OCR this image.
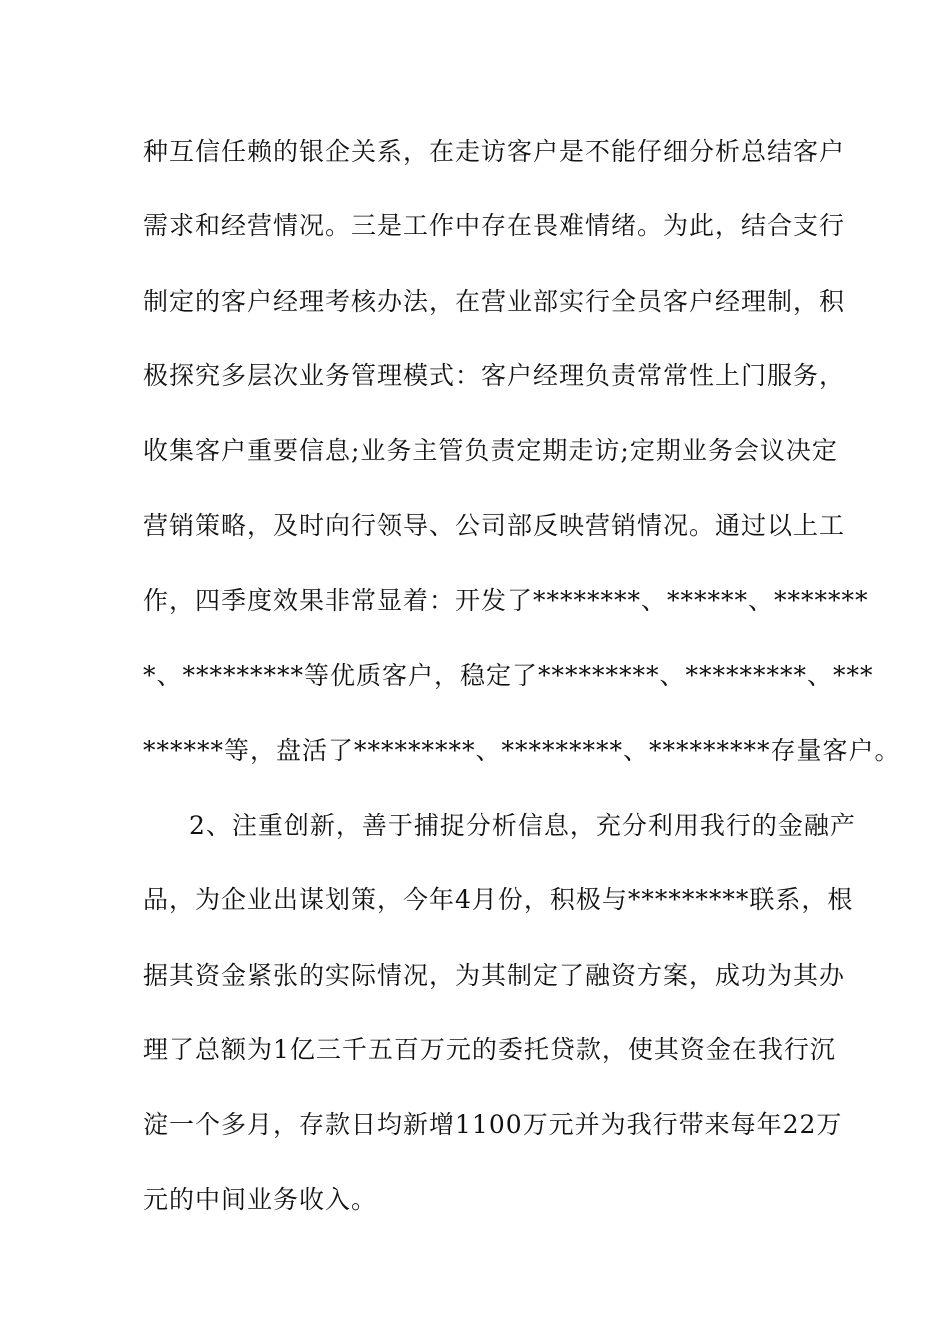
种互信任赖的银企关系，在走访客户是不能仔细分析总结客户
需求和经营情况。三是工作中存在畏难情绪。为此，结合支行
制定的客户经理考核办法，在营业部实行全员客户经理制，积
极探究多层次业务管理模式：客户经理负责常常性上门服务，
收集客户重要信息;业务主管负责定期走访;定期业务会议决定
营销策略，及时向行领导、公司部反映营销情况。通过以上工
作，四季度效果非常显着：开发了********、******、*******
*、*********等优质客户，稳定了*********、*********、***
******等，盘活了*********、*********、*********存量客户。
2、注重创新，善于捕捉分析信息，充分利用我行的金融产
品，为企业出谋划策，今年4月份，积极与*********联系，根
据其资金紧张的实际情况，为其制定了融资方案，成功为其办
理了总额为1亿三千五百万元的委托贷款，使其资金在我行沉
淀一个多月，存款日均新增1100万元并为我行带来每年22万
元的中间业务收入。
